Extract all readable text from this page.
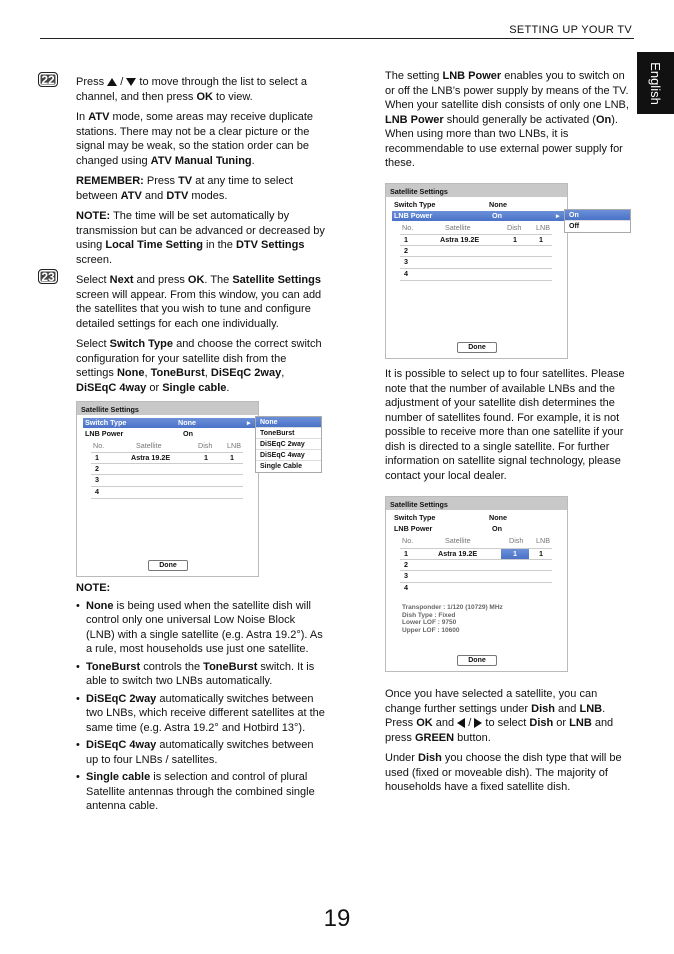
SETTING UP YOUR TV
English
22	Press  /  to move through the list to select a channel, and then press OK to view.

In ATV mode, some areas may receive duplicate stations. There may not be a clear picture or the signal may be weak, so the station order can be changed using ATV Manual Tuning.

REMEMBER: Press TV at any time to select between ATV and DTV modes.

NOTE: The time will be set automatically by transmission but can be advanced or decreased by using Local Time Setting in the DTV Settings screen.

23	Select Next and press OK. The Satellite Settings screen will appear. From this window, you can add the satellites that you wish to tune and configure detailed settings for each one individually.

Select Switch Type and choose the correct switch configuration for your satellite dish from the settings None, ToneBurst, DiSEqC 2way, DiSEqC 4way or Single cable.

Satellite Settings
Switch Type	None	▸
LNB Power	On
No.	Satellite	Dish LNB
1	Astra 19.2E	1	1
2
3
4
Done
None
ToneBurst
DiSEqC 2way
DiSEqC 4way
Single Cable

NOTE:

• None is being used when the satellite dish will control only one universal Low Noise Block (LNB) with a single satellite (e.g. Astra 19.2°). As a rule, most households use just one satellite.
• ToneBurst controls the ToneBurst switch. It is able to switch two LNBs automatically.
• DiSEqC 2way automatically switches between two LNBs, which receive different satellites at the same time (e.g. Astra 19.2° and Hotbird 13°).
• DiSEqC 4way automatically switches between up to four LNBs / satellites.
• Single cable is selection and control of plural Satellite antennas through the combined single antenna cable.

The setting LNB Power enables you to switch on or off the LNB’s power supply by means of the TV. When your satellite dish consists of only one LNB, LNB Power should generally be activated (On). When using more than two LNBs, it is recommendable to use external power supply for these.

Satellite Settings
Switch Type	None
LNB Power	On	▸
No.	Satellite	Dish LNB
1	Astra 19.2E	1	1
2
3
4
Done
On
Off

It is possible to select up to four satellites. Please note that the number of available LNBs and the adjustment of your satellite dish determines the number of satellites found. For example, it is not possible to receive more than one satellite if your dish is directed to a single satellite. For further information on satellite signal technology, please contact your local dealer.

Satellite Settings
Switch Type	None
LNB Power	On
No.	Satellite	Dish LNB
1	Astra 19.2E	1	1
2
3
4
Transponder : 1/120 (10729) MHz
Dish Type : Fixed
Lower LOF : 9750
Upper LOF : 10600
Done

Once you have selected a satellite, you can change further settings under Dish and LNB. Press OK and  /  to select Dish or LNB and press GREEN button.

Under Dish you choose the dish type that will be used (fixed or moveable dish). The majority of households have a fixed satellite dish.

19
